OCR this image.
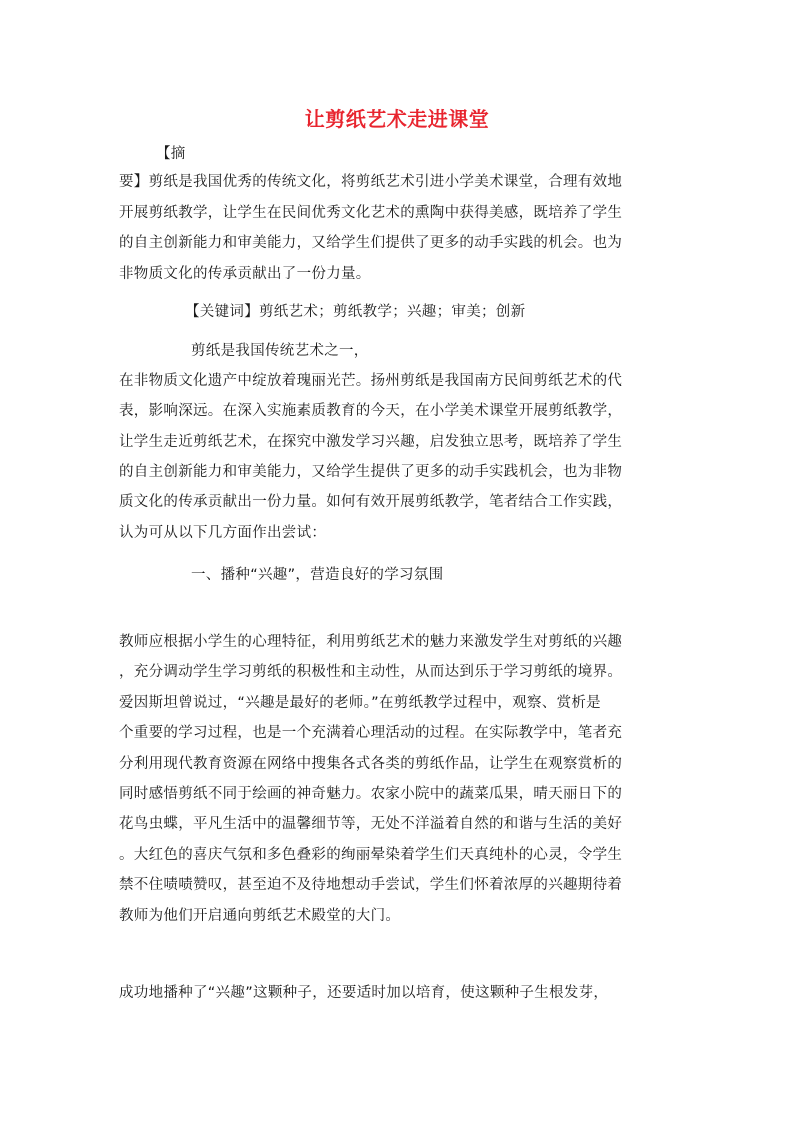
让剪纸艺术走进课堂
【摘
要】剪纸是我国优秀的传统文化，将剪纸艺术引进小学美术课堂，合理有效地
开展剪纸教学，让学生在民间优秀文化艺术的熏陶中获得美感，既培养了学生
的自主创新能力和审美能力，又给学生们提供了更多的动手实践的机会。也为
非物质文化的传承贡献出了一份力量。
【关键词】剪纸艺术；剪纸教学；兴趣；审美；创新
剪纸是我国传统艺术之一，
在非物质文化遗产中绽放着瑰丽光芒。扬州剪纸是我国南方民间剪纸艺术的代
表，影响深远。在深入实施素质教育的今天，在小学美术课堂开展剪纸教学，
让学生走近剪纸艺术，在探究中激发学习兴趣，启发独立思考，既培养了学生
的自主创新能力和审美能力，又给学生提供了更多的动手实践机会，也为非物
质文化的传承贡献出一份力量。如何有效开展剪纸教学，笔者结合工作实践，
认为可从以下几方面作出尝试：
一、播种“兴趣”，营造良好的学习氛围
教师应根据小学生的心理特征，利用剪纸艺术的魅力来激发学生对剪纸的兴趣
，充分调动学生学习剪纸的积极性和主动性，从而达到乐于学习剪纸的境界。
爱因斯坦曾说过，“兴趣是最好的老师。”在剪纸教学过程中，观察、赏析是
个重要的学习过程，也是一个充满着心理活动的过程。在实际教学中，笔者充
分利用现代教育资源在网络中搜集各式各类的剪纸作品，让学生在观察赏析的
同时感悟剪纸不同于绘画的神奇魅力。农家小院中的蔬菜瓜果，晴天丽日下的
花鸟虫蝶，平凡生活中的温馨细节等，无处不洋溢着自然的和谐与生活的美好
。大红色的喜庆气氛和多色叠彩的绚丽晕染着学生们天真纯朴的心灵，令学生
禁不住啧啧赞叹，甚至迫不及待地想动手尝试，学生们怀着浓厚的兴趣期待着
教师为他们开启通向剪纸艺术殿堂的大门。
成功地播种了“兴趣”这颗种子，还要适时加以培育，使这颗种子生根发芽，
